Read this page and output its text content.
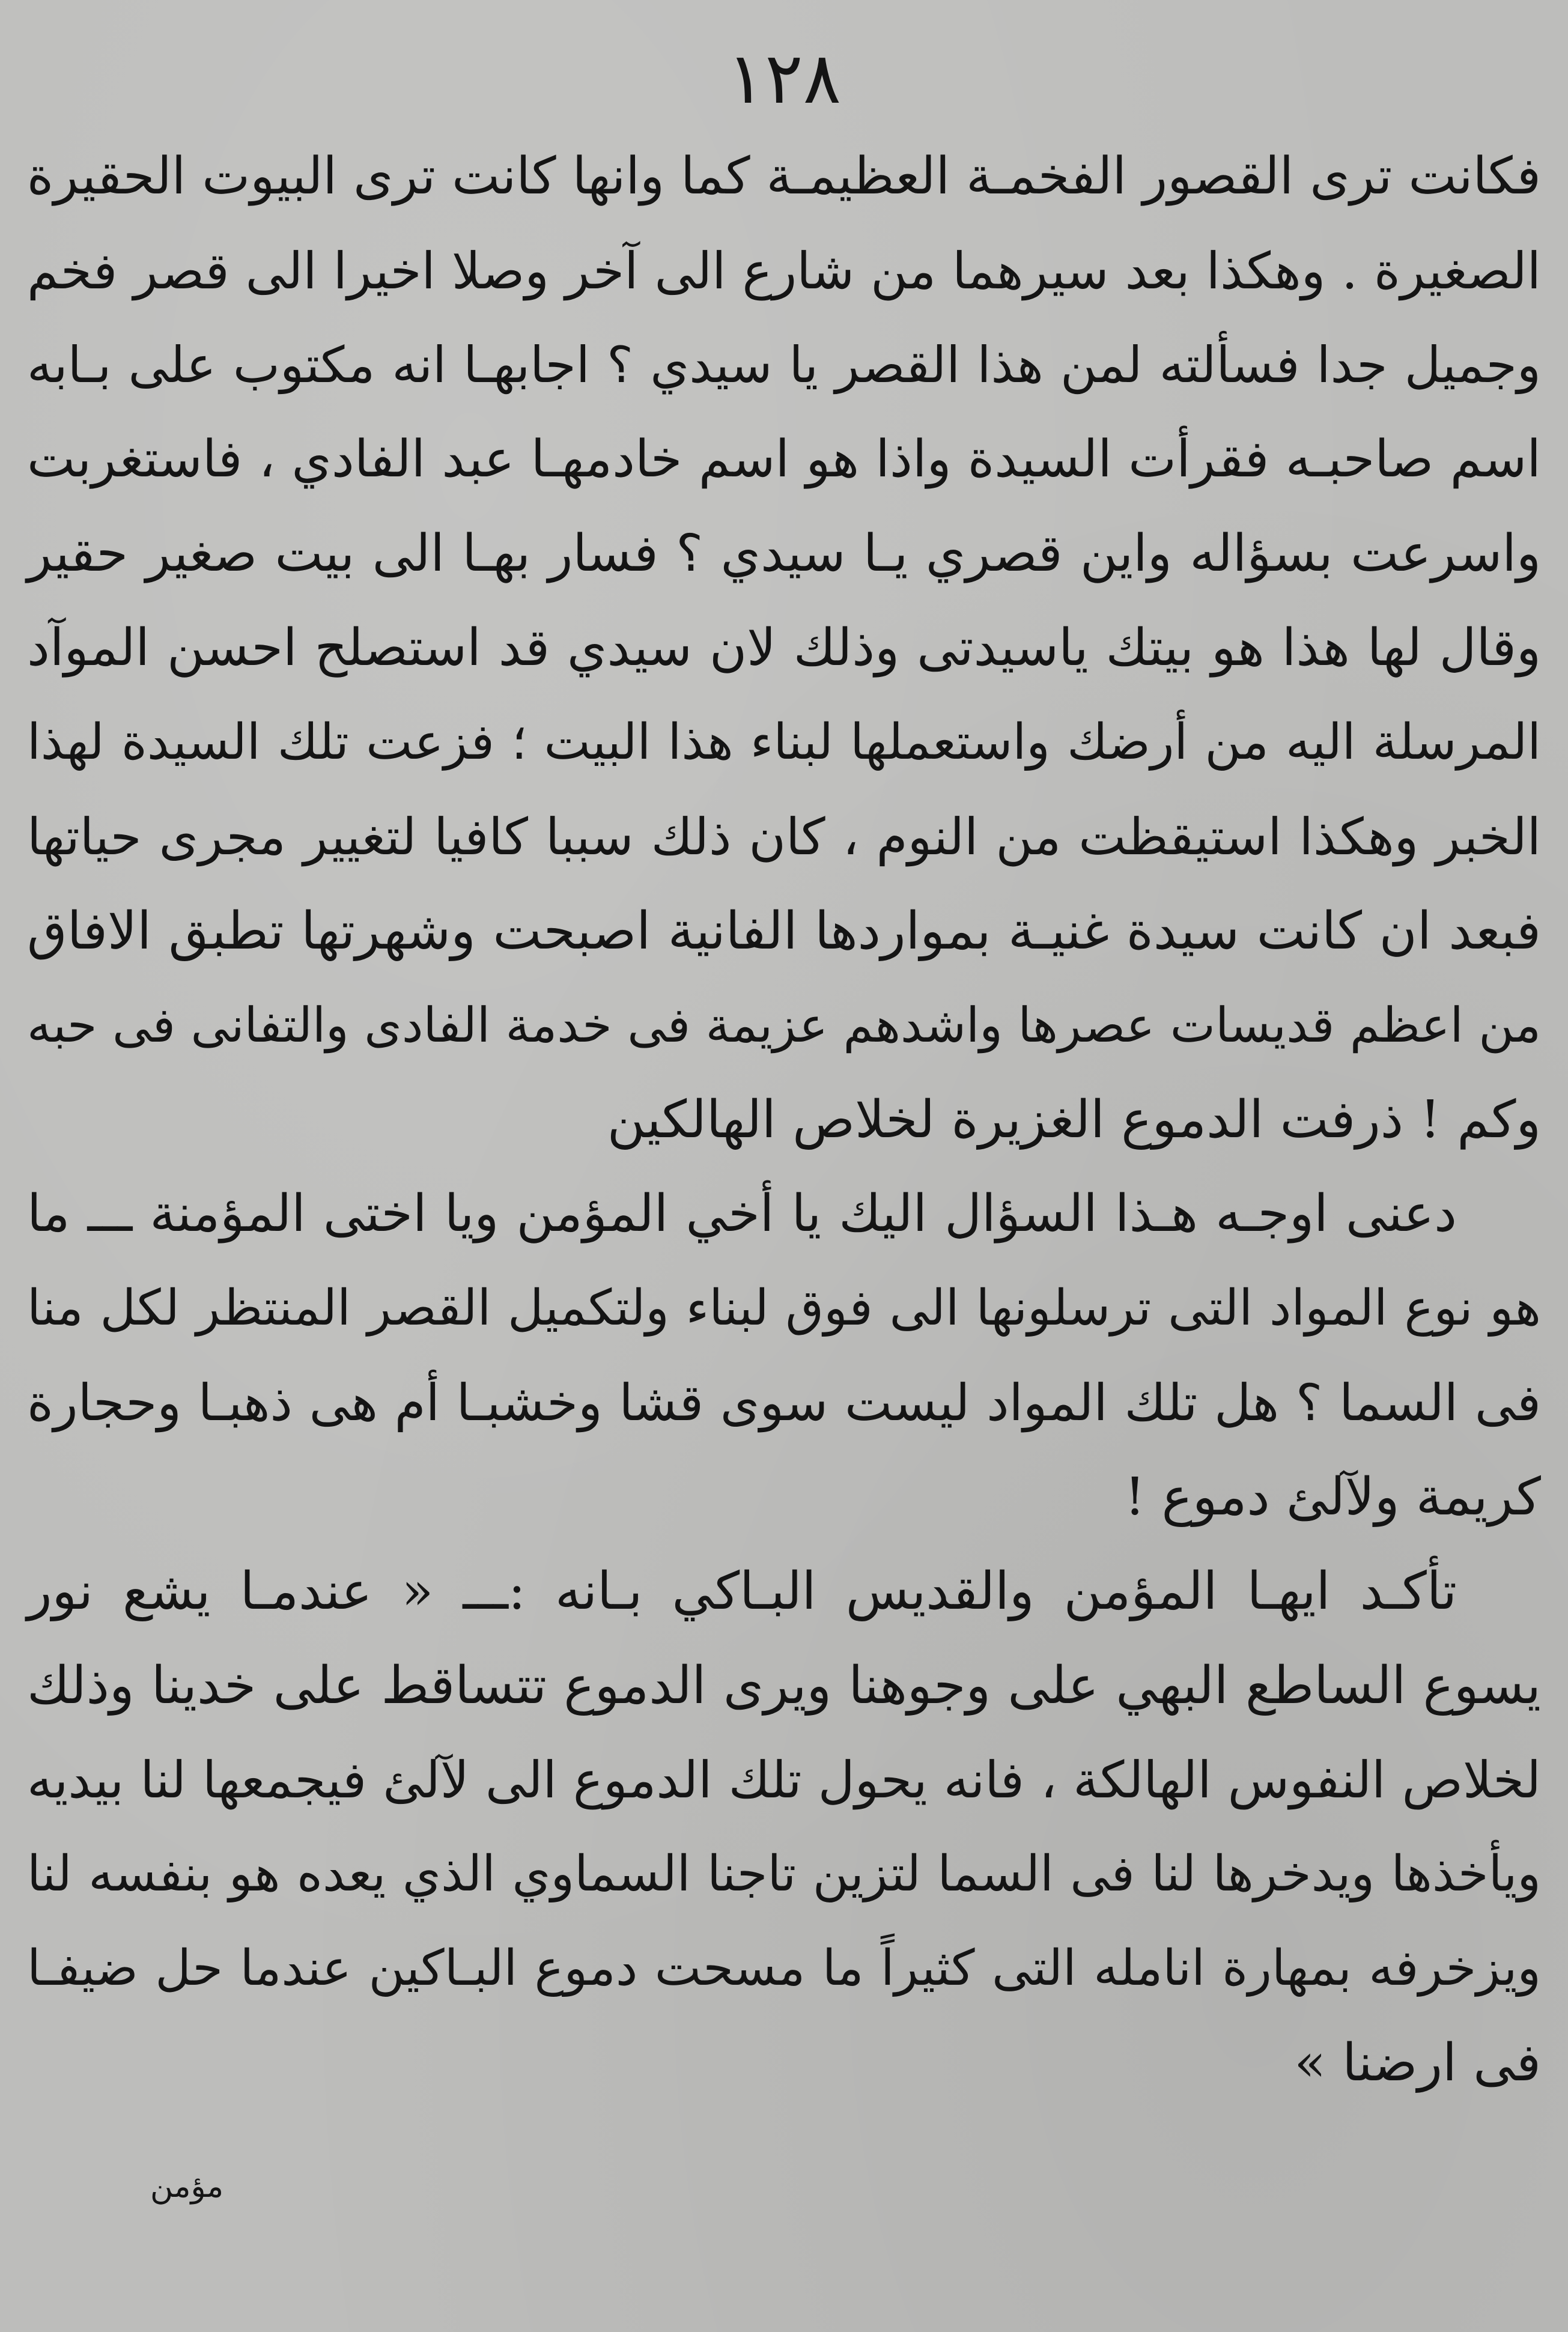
١٢٨
فكانت ترى القصور الفخمـة العظيمـة كما وانها كانت ترى البيوت الحقيرة
الصغيرة . وهكذا بعد سيرهما من شارع الى آخر وصلا اخيرا الى قصر فخم
وجميل جدا فسألته لمن هذا القصر يا سيدي ؟ اجابهـا انه مكتوب على بـابه
اسم صاحبـه فقرأت السيدة واذا هو اسم خادمهـا عبد الفادي ، فاستغربت
واسرعت بسؤاله واين قصري يـا سيدي ؟ فسار بهـا الى بيت صغير حقير
وقال لها هذا هو بيتك ياسيدتى وذلك لان سيدي قد استصلح احسن الموآد
المرسلة اليه من أرضك واستعملها لبناء هذا البيت ؛ فزعت تلك السيدة لهذا
الخبر وهكذا استيقظت من النوم ، كان ذلك سببا كافيا لتغيير مجرى حياتها
فبعد ان كانت سيدة غنيـة بمواردها الفانية اصبحت وشهرتها تطبق الافاق
من اعظم قديسات عصرها واشدهم عزيمة فى خدمة الفادى والتفانى فى حبه
وكم ! ذرفت الدموع الغزيرة لخلاص الهالكين
دعنى اوجـه هـذا السؤال اليك يا أخي المؤمن ويا اختى المؤمنة ـــ ما
هو نوع المواد التى ترسلونها الى فوق لبناء ولتكميل القصر المنتظر لكل منا
فى السما ؟ هل تلك المواد ليست سوى قشا وخشبـا أم هى ذهبـا وحجارة
كريمة ولآلئ دموع !
تأكـد ايهـا المؤمن والقديس البـاكي بـانه :ـــ « عندمـا يشع نور
يسوع الساطع البهي على وجوهنا ويرى الدموع تتساقط على خدينا وذلك
لخلاص النفوس الهالكة ، فانه يحول تلك الدموع الى لآلئ فيجمعها لنا بيديه
ويأخذها ويدخرها لنا فى السما لتزين تاجنا السماوي الذي يعده هو بنفسه لنا
ويزخرفه بمهارة انامله التى كثيراً ما مسحت دموع البـاكين عندما حل ضيفـا
فى ارضنا »
مؤمن
